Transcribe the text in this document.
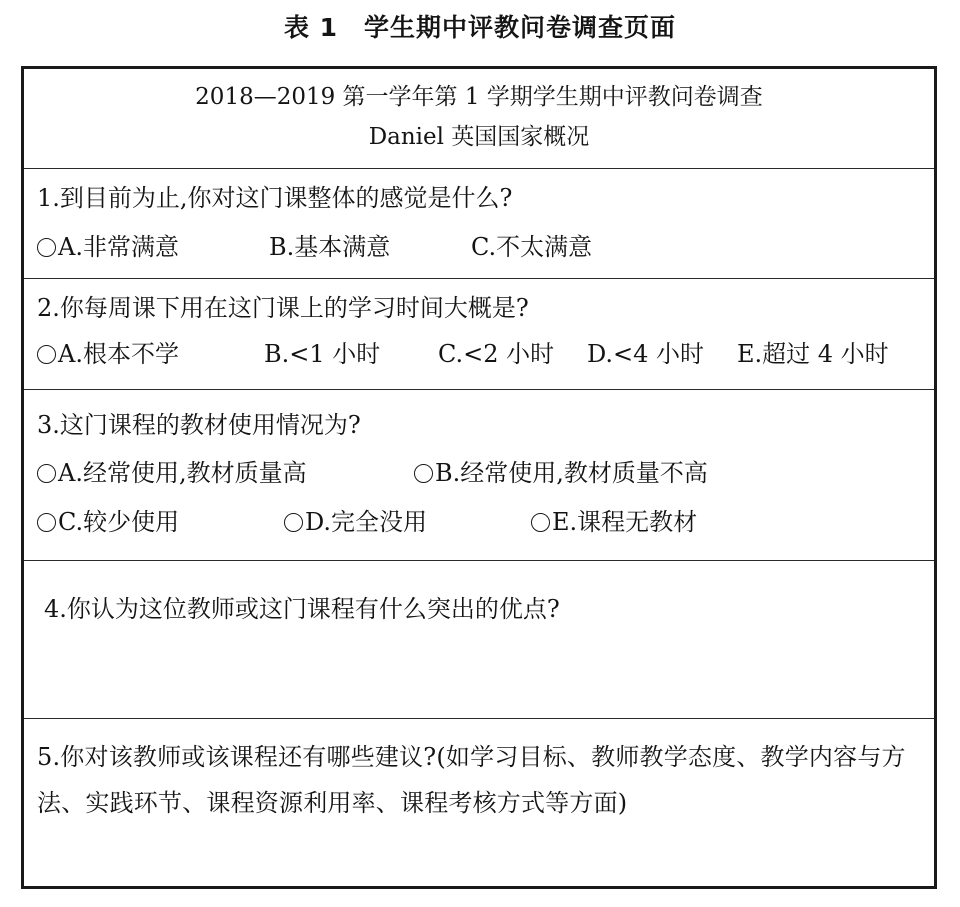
表 1 学生期中评教问卷调查页面
2018—2019 第一学年第 1 学期学生期中评教问卷调查
Daniel 英国国家概况
1.到目前为止,你对这门课整体的感觉是什么?
A.非常满意	B.基本满意	C.不太满意
2.你每周课下用在这门课上的学习时间大概是?
A.根本不学	B.<1 小时 C.<2 小时 D.<4 小时 E.超过 4 小时
3.这门课程的教材使用情况为?
A.经常使用,教材质量高	B.经常使用,教材质量不高
C.较少使用	D.完全没用	E.课程无教材
4.你认为这位教师或这门课程有什么突出的优点?
5.你对该教师或该课程还有哪些建议?(如学习目标、教师教学态度、教学内容与方法、实践环节、课程资源利用率、课程考核方式等方面)
